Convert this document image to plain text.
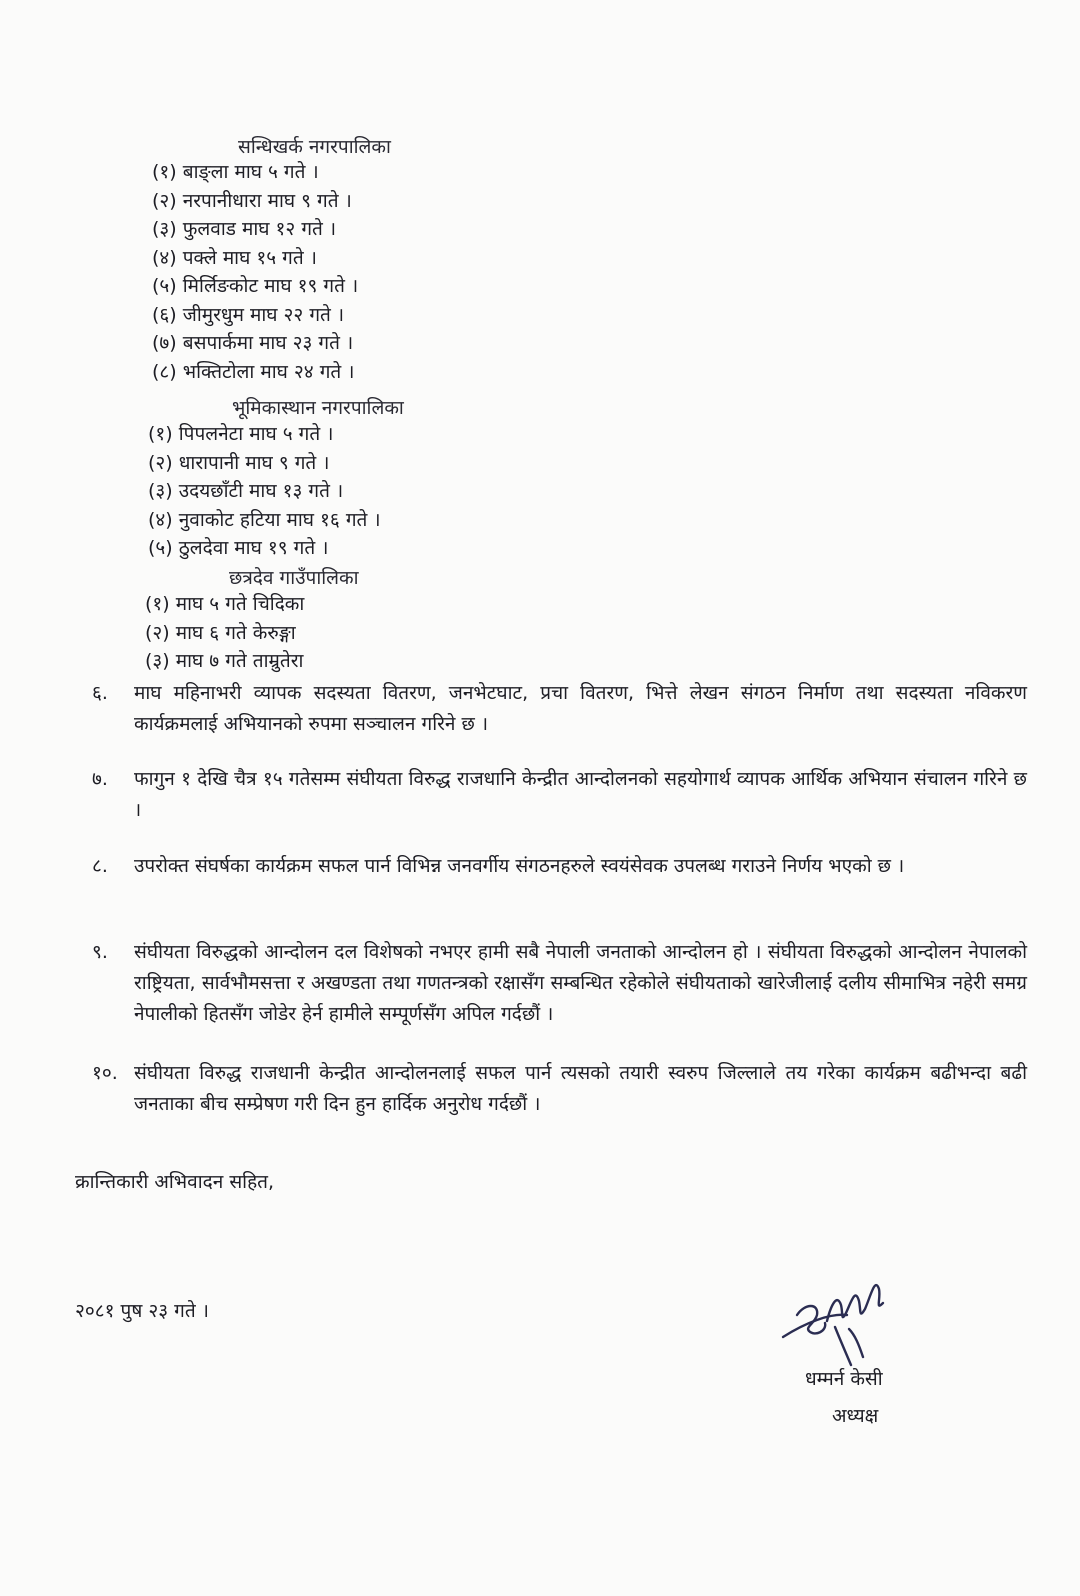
सन्धिखर्क नगरपालिका
(१) बाङ्ला माघ ५ गते ।
(२) नरपानीधारा माघ ९ गते ।
(३) फुलवाड माघ १२ गते ।
(४) पक्ले माघ १५ गते ।
(५) मिर्लिङकोट माघ १९ गते ।
(६) जीमुरधुम माघ २२ गते ।
(७) बसपार्कमा माघ २३ गते ।
(८) भक्तिटोला माघ २४ गते ।
भूमिकास्थान नगरपालिका
(१) पिपलनेटा माघ ५ गते ।
(२) धारापानी माघ ९ गते ।
(३) उदयछाँटी माघ १३ गते ।
(४) नुवाकोट हटिया माघ १६ गते ।
(५) ठुलदेवा माघ १९ गते ।
छत्रदेव गाउँपालिका
(१) माघ ५ गते चिदिका
(२) माघ ६ गते केरुङ्गा
(३) माघ ७ गते ताम्रुतेरा
६.	माघ महिनाभरी व्यापक सदस्यता वितरण, जनभेटघाट, प्रचा वितरण, भित्ते लेखन संगठन निर्माण तथा सदस्यता नविकरण कार्यक्रमलाई अभियानको रुपमा सञ्चालन गरिने छ ।
७.	फागुन १ देखि चैत्र १५ गतेसम्म संघीयता विरुद्ध राजधानि केन्द्रीत आन्दोलनको सहयोगार्थ व्यापक आर्थिक अभियान संचालन गरिने छ ।
८.	उपरोक्त संघर्षका कार्यक्रम सफल पार्न विभिन्न जनवर्गीय संगठनहरुले स्वयंसेवक उपलब्ध गराउने निर्णय भएको छ ।
९.	संघीयता विरुद्धको आन्दोलन दल विशेषको नभएर हामी सबै नेपाली जनताको आन्दोलन हो । संघीयता विरुद्धको आन्दोलन नेपालको राष्ट्रियता, सार्वभौमसत्ता र अखण्डता तथा गणतन्त्रको रक्षासँग सम्बन्धित रहेकोले संघीयताको खारेजीलाई दलीय सीमाभित्र नहेरी समग्र नेपालीको हितसँग जोडेर हेर्न हामीले सम्पूर्णसँग अपिल गर्दछौं ।
१०. संघीयता विरुद्ध राजधानी केन्द्रीत आन्दोलनलाई सफल पार्न त्यसको तयारी स्वरुप जिल्लाले तय गरेका कार्यक्रम बढीभन्दा बढी जनताका बीच सम्प्रेषण गरी दिन हुन हार्दिक अनुरोध गर्दछौं ।
क्रान्तिकारी अभिवादन सहित,
२०८१ पुष २३ गते ।
धम्मर्न केसी
अध्यक्ष
